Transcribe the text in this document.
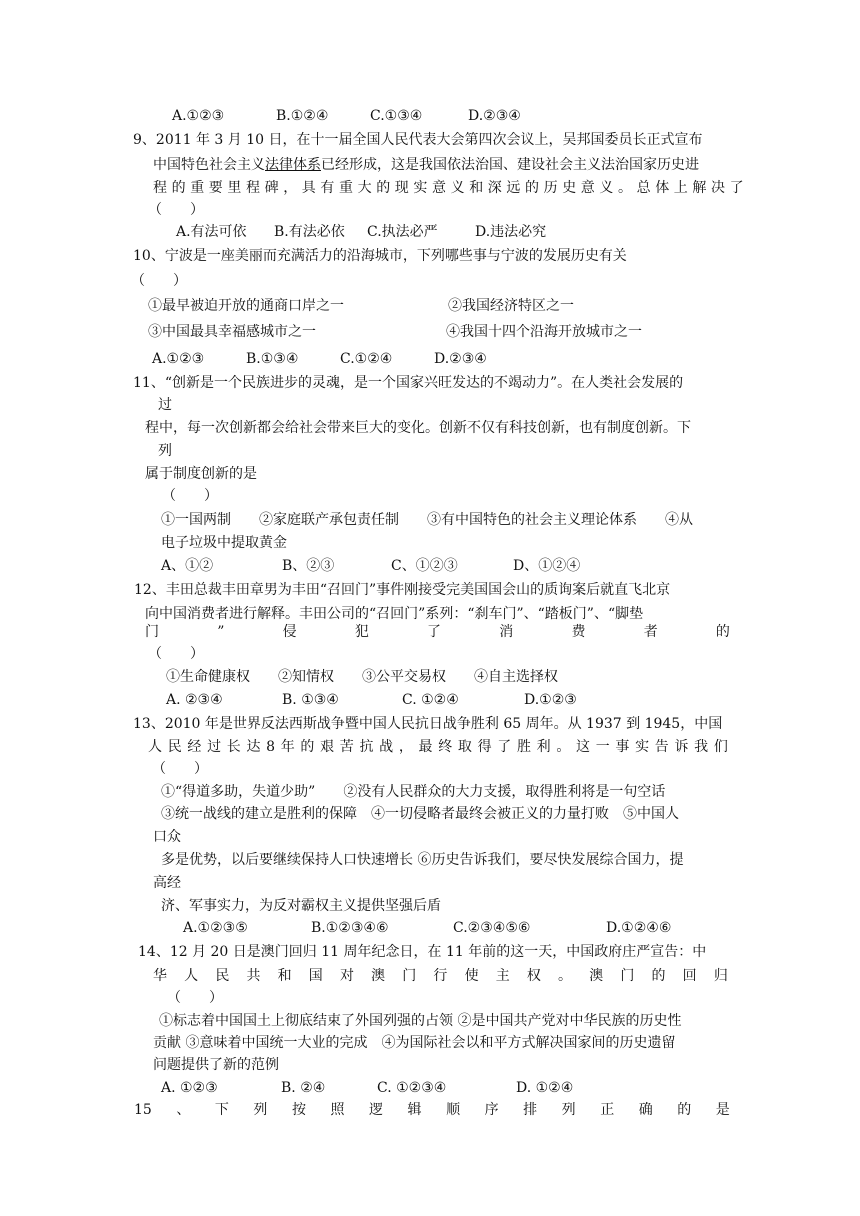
A.①②③	B.①②④	C.①③④	D.②③④
9、2011 年 3 月 10 日，在十一届全国人民代表大会第四次会议上，吴邦国委员长正式宣布
中国特色社会主义法律体系已经形成，这是我国依法治国、建设社会主义法治国家历史进
程的重要里程碑，具有重大的现实意义和深远的历史意义。总体上解决了
（　　）
A.有法可依 B.有法必依 C.执法必严	D.违法必究
10、宁波是一座美丽而充满活力的沿海城市，下列哪些事与宁波的发展历史有关
（　　）
①最早被迫开放的通商口岸之一	②我国经济特区之一
③中国最具幸福感城市之一	④我国十四个沿海开放城市之一
A.①②③	B.①③④	C.①②④	D.②③④
11、“创新是一个民族进步的灵魂，是一个国家兴旺发达的不竭动力”。在人类社会发展的
过
程中，每一次创新都会给社会带来巨大的变化。创新不仅有科技创新，也有制度创新。下
列
属于制度创新的是
（　　）
①一国两制　　②家庭联产承包责任制　　③有中国特色的社会主义理论体系　　④从
电子垃圾中提取黄金
A、①②	B、②③	C、①②③	D、①②④
12、丰田总裁丰田章男为丰田“召回门”事件刚接受完美国国会山的质询案后就直飞北京
向中国消费者进行解释。丰田公司的“召回门”系列：“刹车门”、“踏板门”、“脚垫
门	”	侵	犯	了	消	费	者	的
（　　）
①生命健康权　　②知情权　　③公平交易权　　④自主选择权
A. ②③④	B. ①③④	C. ①②④	D.①②③
13、2010 年是世界反法西斯战争暨中国人民抗日战争胜利 65 周年。从 1937 到 1945，中国
人 民 经 过 长 达 8 年 的 艰 苦 抗 战 ， 最 终 取 得 了 胜 利 。 这 一 事 实 告 诉 我 们
（　　）
①“得道多助，失道少助”　　②没有人民群众的大力支援，取得胜利将是一句空话
③统一战线的建立是胜利的保障　④一切侵略者最终会被正义的力量打败　⑤中国人
口众
多是优势，以后要继续保持人口快速增长 ⑥历史告诉我们，要尽快发展综合国力，提
高经
济、军事实力，为反对霸权主义提供坚强后盾
A.①②③⑤	B.①②③④⑥	C.②③④⑤⑥	D.①②④⑥
14、12 月 20 日是澳门回归 11 周年纪念日，在 11 年前的这一天，中国政府庄严宣告：中
华 人 民 共 和 国 对 澳 门 行 使 主 权 。 澳 门 的 回 归
（　　）
①标志着中国国土上彻底结束了外国列强的占领 ②是中国共产党对中华民族的历史性
贡献 ③意味着中国统一大业的完成　④为国际社会以和平方式解决国家间的历史遗留
问题提供了新的范例
A. ①②③	B. ②④	C. ①②③④	D. ①②④
15 、 下 列 按 照 逻 辑 顺 序 排 列 正 确 的 是
